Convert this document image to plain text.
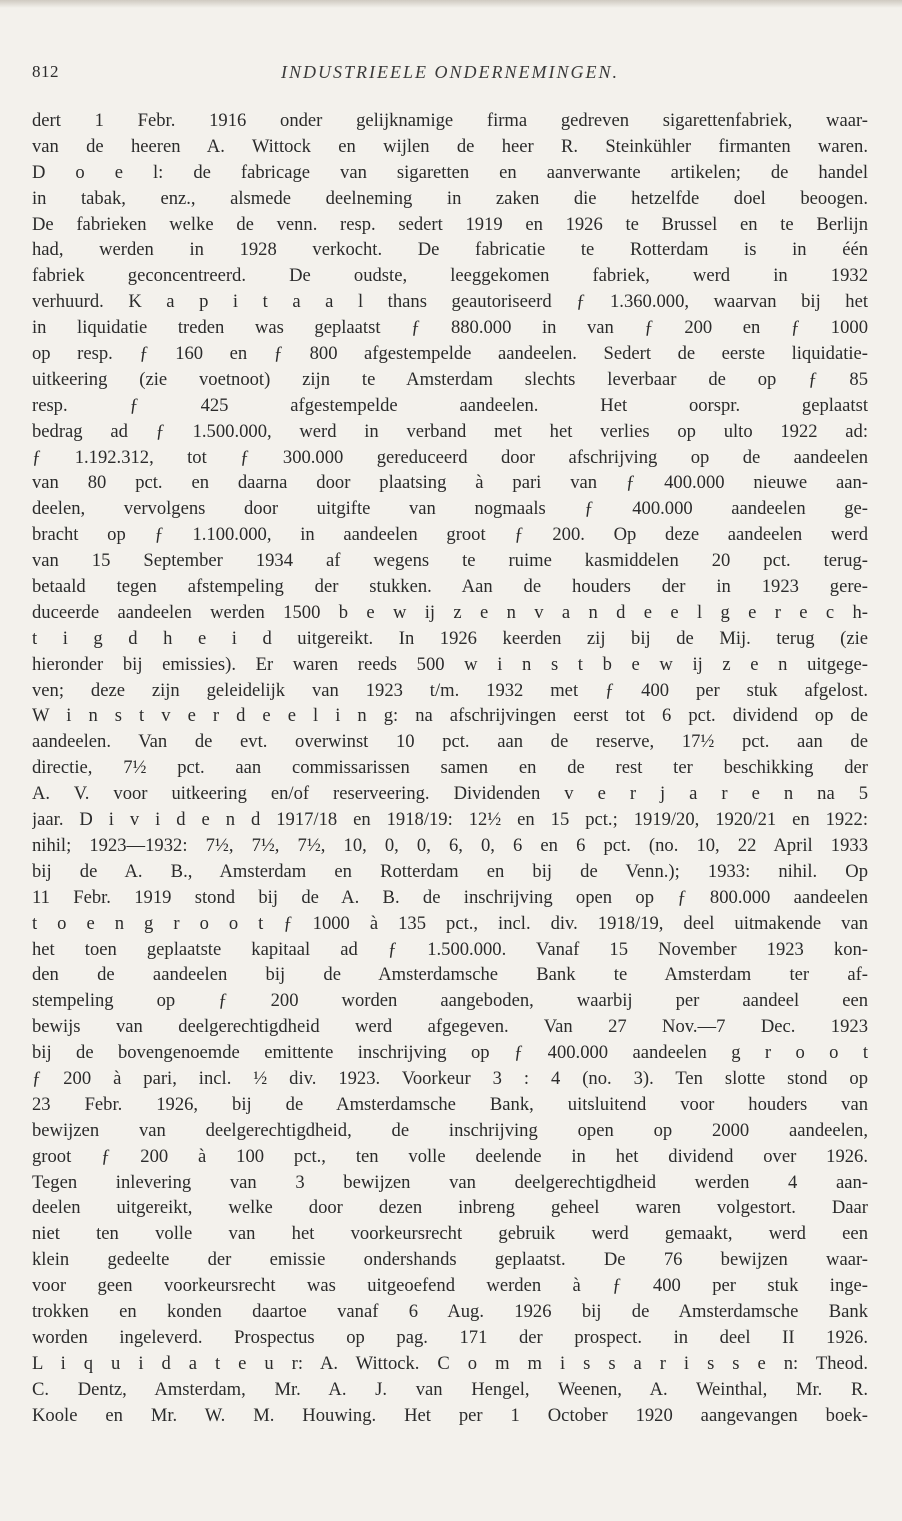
812	INDUSTRIEELE ONDERNEMINGEN.
dert 1 Febr. 1916 onder gelijknamige firma gedreven sigarettenfabriek, waar-
van de heeren A. Wittock en wijlen de heer R. Steinkühler firmanten waren.
D o e l: de fabricage van sigaretten en aanverwante artikelen; de handel
in tabak, enz., alsmede deelneming in zaken die hetzelfde doel beoogen.
De fabrieken welke de venn. resp. sedert 1919 en 1926 te Brussel en te Berlijn
had, werden in 1928 verkocht. De fabricatie te Rotterdam is in één
fabriek geconcentreerd. De oudste, leeggekomen fabriek, werd in 1932
verhuurd. K a p i t a a l thans geautoriseerd ƒ 1.360.000, waarvan bij het
in liquidatie treden was geplaatst ƒ 880.000 in van ƒ 200 en ƒ 1000
op resp. ƒ 160 en ƒ 800 afgestempelde aandeelen. Sedert de eerste liquidatie-
uitkeering (zie voetnoot) zijn te Amsterdam slechts leverbaar de op ƒ 85
resp. ƒ 425 afgestempelde aandeelen. Het oorspr. geplaatst
bedrag ad ƒ 1.500.000, werd in verband met het verlies op ulto 1922 ad:
ƒ 1.192.312, tot ƒ 300.000 gereduceerd door afschrijving op de aandeelen
van 80 pct. en daarna door plaatsing à pari van ƒ 400.000 nieuwe aan-
deelen, vervolgens door uitgifte van nogmaals ƒ 400.000 aandeelen ge-
bracht op ƒ 1.100.000, in aandeelen groot ƒ 200. Op deze aandeelen werd
van 15 September 1934 af wegens te ruime kasmiddelen 20 pct. terug-
betaald tegen afstempeling der stukken. Aan de houders der in 1923 gere-
duceerde aandeelen werden 1500 b e w ij z e n v a n d e e l g e r e c h-
t i g d h e i d uitgereikt. In 1926 keerden zij bij de Mij. terug (zie
hieronder bij emissies). Er waren reeds 500 w i n s t b e w ij z e n uitgege-
ven; deze zijn geleidelijk van 1923 t/m. 1932 met ƒ 400 per stuk afgelost.
W i n s t v e r d e e l i n g: na afschrijvingen eerst tot 6 pct. dividend op de
aandeelen. Van de evt. overwinst 10 pct. aan de reserve, 17½ pct. aan de
directie, 7½ pct. aan commissarissen samen en de rest ter beschikking der
A. V. voor uitkeering en/of reserveering. Dividenden v e r j a r e n na 5
jaar. D i v i d e n d 1917/18 en 1918/19: 12½ en 15 pct.; 1919/20, 1920/21 en 1922:
nihil; 1923—1932: 7½, 7½, 7½, 10, 0, 0, 6, 0, 6 en 6 pct. (no. 10, 22 April 1933
bij de A. B., Amsterdam en Rotterdam en bij de Venn.); 1933: nihil. Op
11 Febr. 1919 stond bij de A. B. de inschrijving open op ƒ 800.000 aandeelen
t o e n g r o o t ƒ 1000 à 135 pct., incl. div. 1918/19, deel uitmakende van
het toen geplaatste kapitaal ad ƒ 1.500.000. Vanaf 15 November 1923 kon-
den de aandeelen bij de Amsterdamsche Bank te Amsterdam ter af-
stempeling op ƒ 200 worden aangeboden, waarbij per aandeel een
bewijs van deelgerechtigdheid werd afgegeven. Van 27 Nov.—7 Dec. 1923
bij de bovengenoemde emittente inschrijving op ƒ 400.000 aandeelen g r o o t
ƒ 200 à pari, incl. ½ div. 1923. Voorkeur 3 : 4 (no. 3). Ten slotte stond op
23 Febr. 1926, bij de Amsterdamsche Bank, uitsluitend voor houders van
bewijzen van deelgerechtigdheid, de inschrijving open op 2000 aandeelen,
groot ƒ 200 à 100 pct., ten volle deelende in het dividend over 1926.
Tegen inlevering van 3 bewijzen van deelgerechtigdheid werden 4 aan-
deelen uitgereikt, welke door dezen inbreng geheel waren volgestort. Daar
niet ten volle van het voorkeursrecht gebruik werd gemaakt, werd een
klein gedeelte der emissie ondershands geplaatst. De 76 bewijzen waar-
voor geen voorkeursrecht was uitgeoefend werden à ƒ 400 per stuk inge-
trokken en konden daartoe vanaf 6 Aug. 1926 bij de Amsterdamsche Bank
worden ingeleverd. Prospectus op pag. 171 der prospect. in deel II 1926.
L i q u i d a t e u r: A. Wittock. C o m m i s s a r i s s e n: Theod.
C. Dentz, Amsterdam, Mr. A. J. van Hengel, Weenen, A. Weinthal, Mr. R.
Koole en Mr. W. M. Houwing. Het per 1 October 1920 aangevangen boek-
